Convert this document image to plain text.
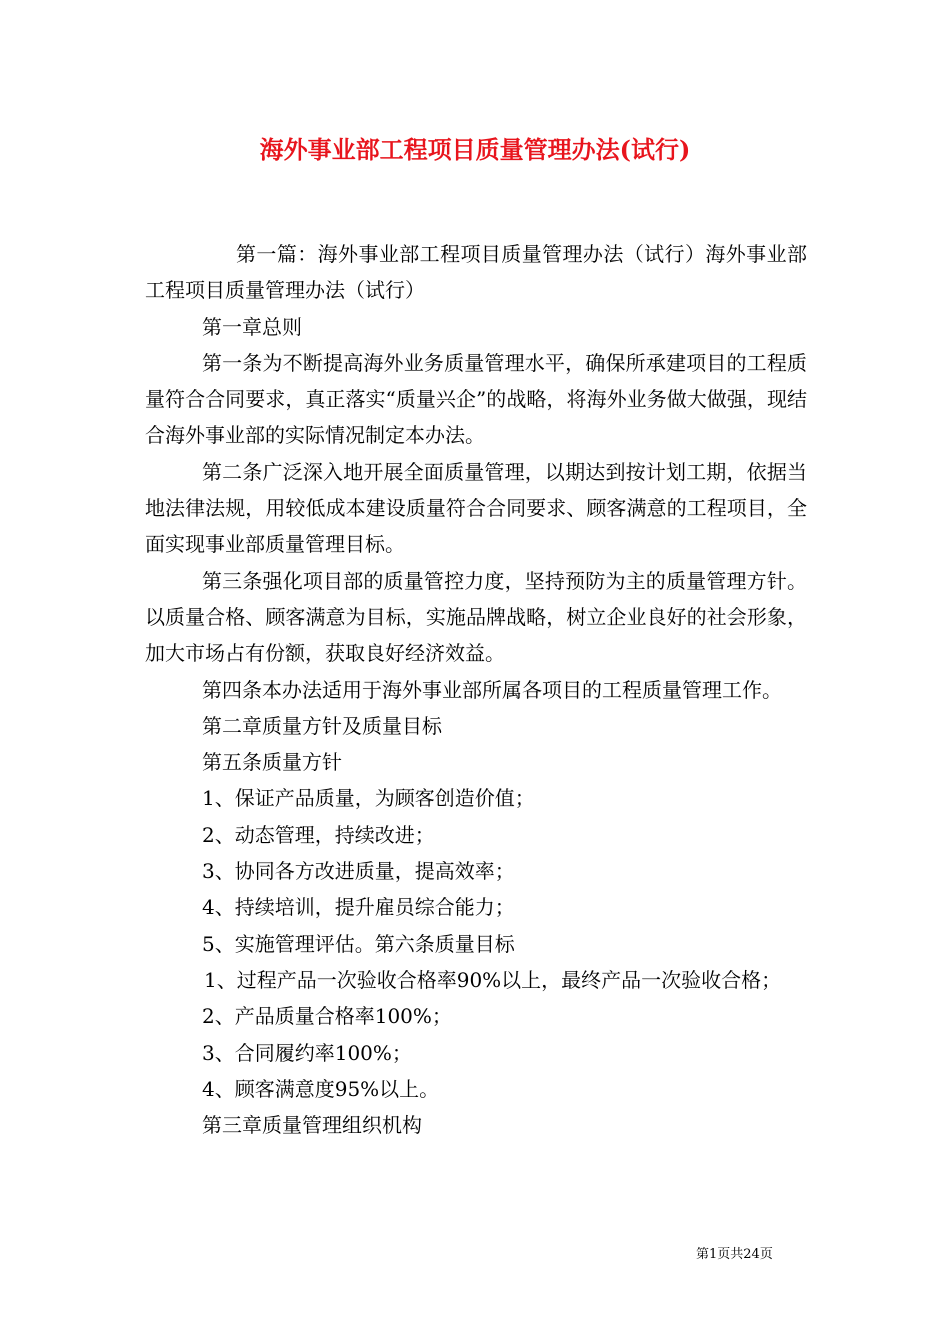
海外事业部工程项目质量管理办法(试行)

第一篇：海外事业部工程项目质量管理办法（试行）海外事业部工程项目质量管理办法（试行）

第一章总则

第一条为不断提高海外业务质量管理水平，确保所承建项目的工程质量符合合同要求，真正落实“质量兴企”的战略，将海外业务做大做强，现结合海外事业部的实际情况制定本办法。

第二条广泛深入地开展全面质量管理，以期达到按计划工期，依据当地法律法规，用较低成本建设质量符合合同要求、顾客满意的工程项目，全面实现事业部质量管理目标。

第三条强化项目部的质量管控力度，坚持预防为主的质量管理方针。以质量合格、顾客满意为目标，实施品牌战略，树立企业良好的社会形象，加大市场占有份额，获取良好经济效益。

第四条本办法适用于海外事业部所属各项目的工程质量管理工作。

第二章质量方针及质量目标

第五条质量方针

1、保证产品质量，为顾客创造价值；

2、动态管理，持续改进；

3、协同各方改进质量，提高效率；

4、持续培训，提升雇员综合能力；

5、实施管理评估。第六条质量目标

1、过程产品一次验收合格率90%以上，最终产品一次验收合格；

2、产品质量合格率100%；

3、合同履约率100%；

4、顾客满意度95%以上。

第三章质量管理组织机构

第1页共24页
